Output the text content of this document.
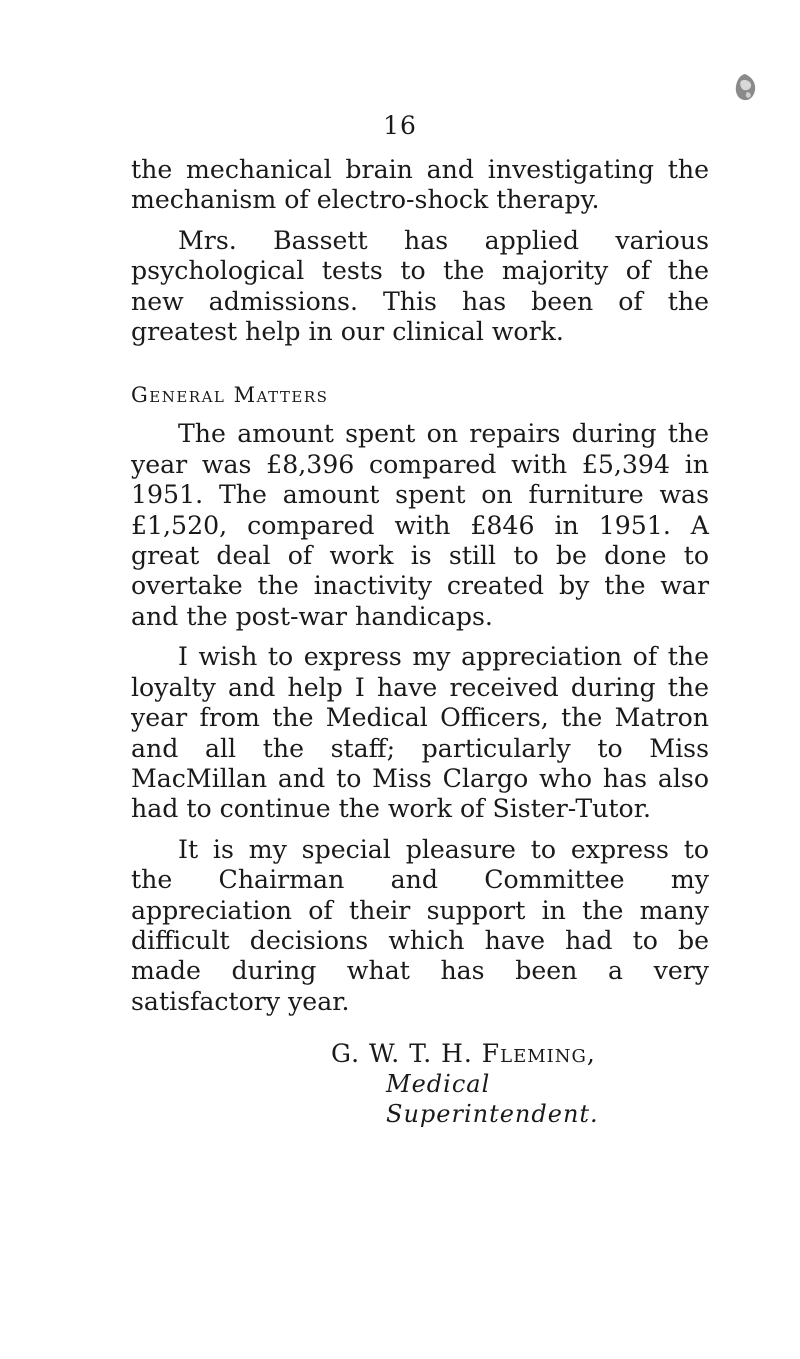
16

the mechanical brain and investigating the mechanism of electro-shock therapy.

Mrs. Bassett has applied various psychological tests to the majority of the new admissions. This has been of the greatest help in our clinical work.

General Matters

The amount spent on repairs during the year was £8,396 compared with £5,394 in 1951. The amount spent on furniture was £1,520, compared with £846 in 1951. A great deal of work is still to be done to overtake the inactivity created by the war and the post-war handicaps.

I wish to express my appreciation of the loyalty and help I have received during the year from the Medical Officers, the Matron and all the staff; particularly to Miss MacMillan and to Miss Clargo who has also had to continue the work of Sister-Tutor.

It is my special pleasure to express to the Chairman and Committee my appreciation of their support in the many difficult decisions which have had to be made during what has been a very satisfactory year.

G. W. T. H. Fleming,
Medical Superintendent.
